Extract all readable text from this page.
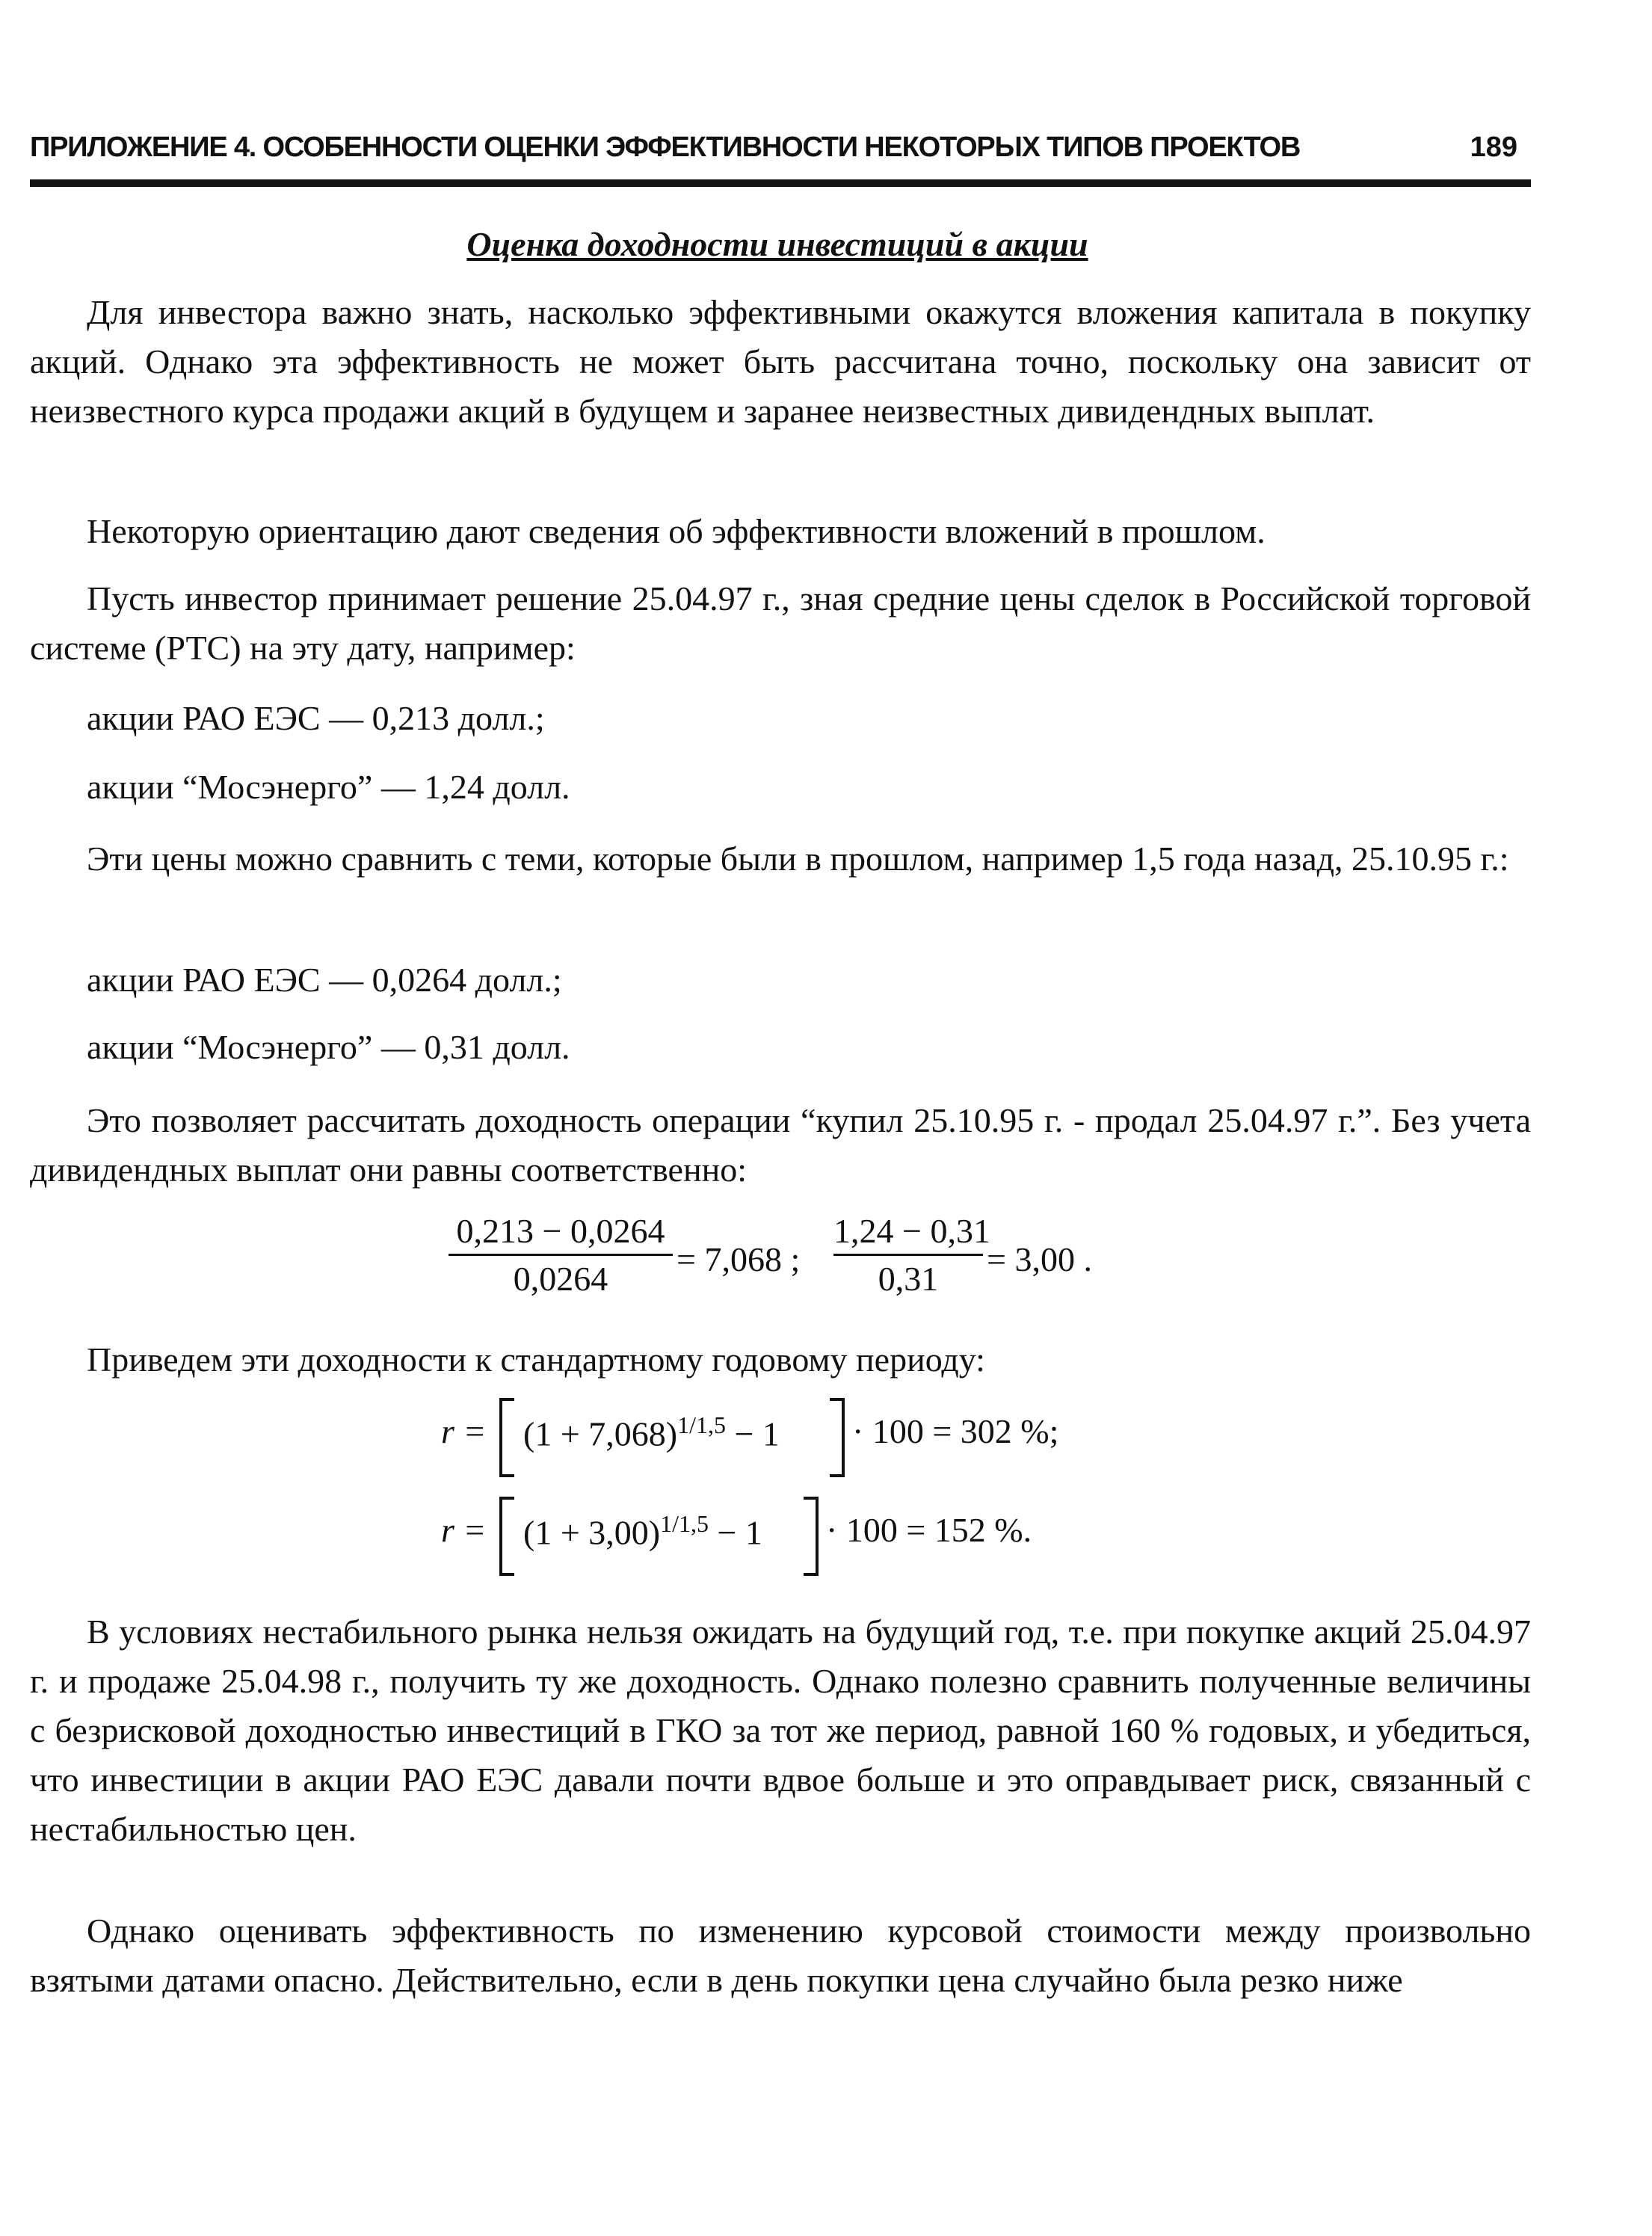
ПРИЛОЖЕНИЕ 4. ОСОБЕННОСТИ ОЦЕНКИ ЭФФЕКТИВНОСТИ НЕКОТОРЫХ ТИПОВ ПРОЕКТОВ	189
Оценка доходности инвестиций в акции

Для инвестора важно знать, насколько эффективными окажутся вложения капитала в покупку акций. Однако эта эффективность не может быть рассчитана точно, поскольку она зависит от неизвестного курса продажи акций в будущем и заранее неизвестных дивидендных выплат.

Некоторую ориентацию дают сведения об эффективности вложений в прошлом.

Пусть инвестор принимает решение 25.04.97 г., зная средние цены сделок в Российской торговой системе (РТС) на эту дату, например:

акции РАО ЕЭС — 0,213 долл.;

акции “Мосэнерго” — 1,24 долл.

Эти цены можно сравнить с теми, которые были в прошлом, например 1,5 года назад, 25.10.95 г.:

акции РАО ЕЭС — 0,0264 долл.;

акции “Мосэнерго” — 0,31 долл.

Это позволяет рассчитать доходность операции “купил 25.10.95 г. - продал 25.04.97 г.”. Без учета дивидендных выплат они равны соответственно:

0,213 − 0,0264
0,0264
= 7,068 ;
1,24 − 0,31
0,31
= 3,00 .

Приведем эти доходности к стандартному годовому периоду:

$r = (1 + 7,068)^{1/1,5} - 1 \cdot 100 = 302$ %;
$r = (1 + 3,00)^{1/1,5} - 1 \cdot 100 = 152$ %.

В условиях нестабильного рынка нельзя ожидать на будущий год, т.е. при покупке акций 25.04.97 г. и продаже 25.04.98 г., получить ту же доходность. Однако полезно сравнить полученные величины с безрисковой доходностью инвестиций в ГКО за тот же период, равной 160 % годовых, и убедиться, что инвестиции в акции РАО ЕЭС давали почти вдвое больше и это оправдывает риск, связанный с нестабильностью цен.

Однако оценивать эффективность по изменению курсовой стоимости между произвольно взятыми датами опасно. Действительно, если в день покупки цена случайно была резко ниже
